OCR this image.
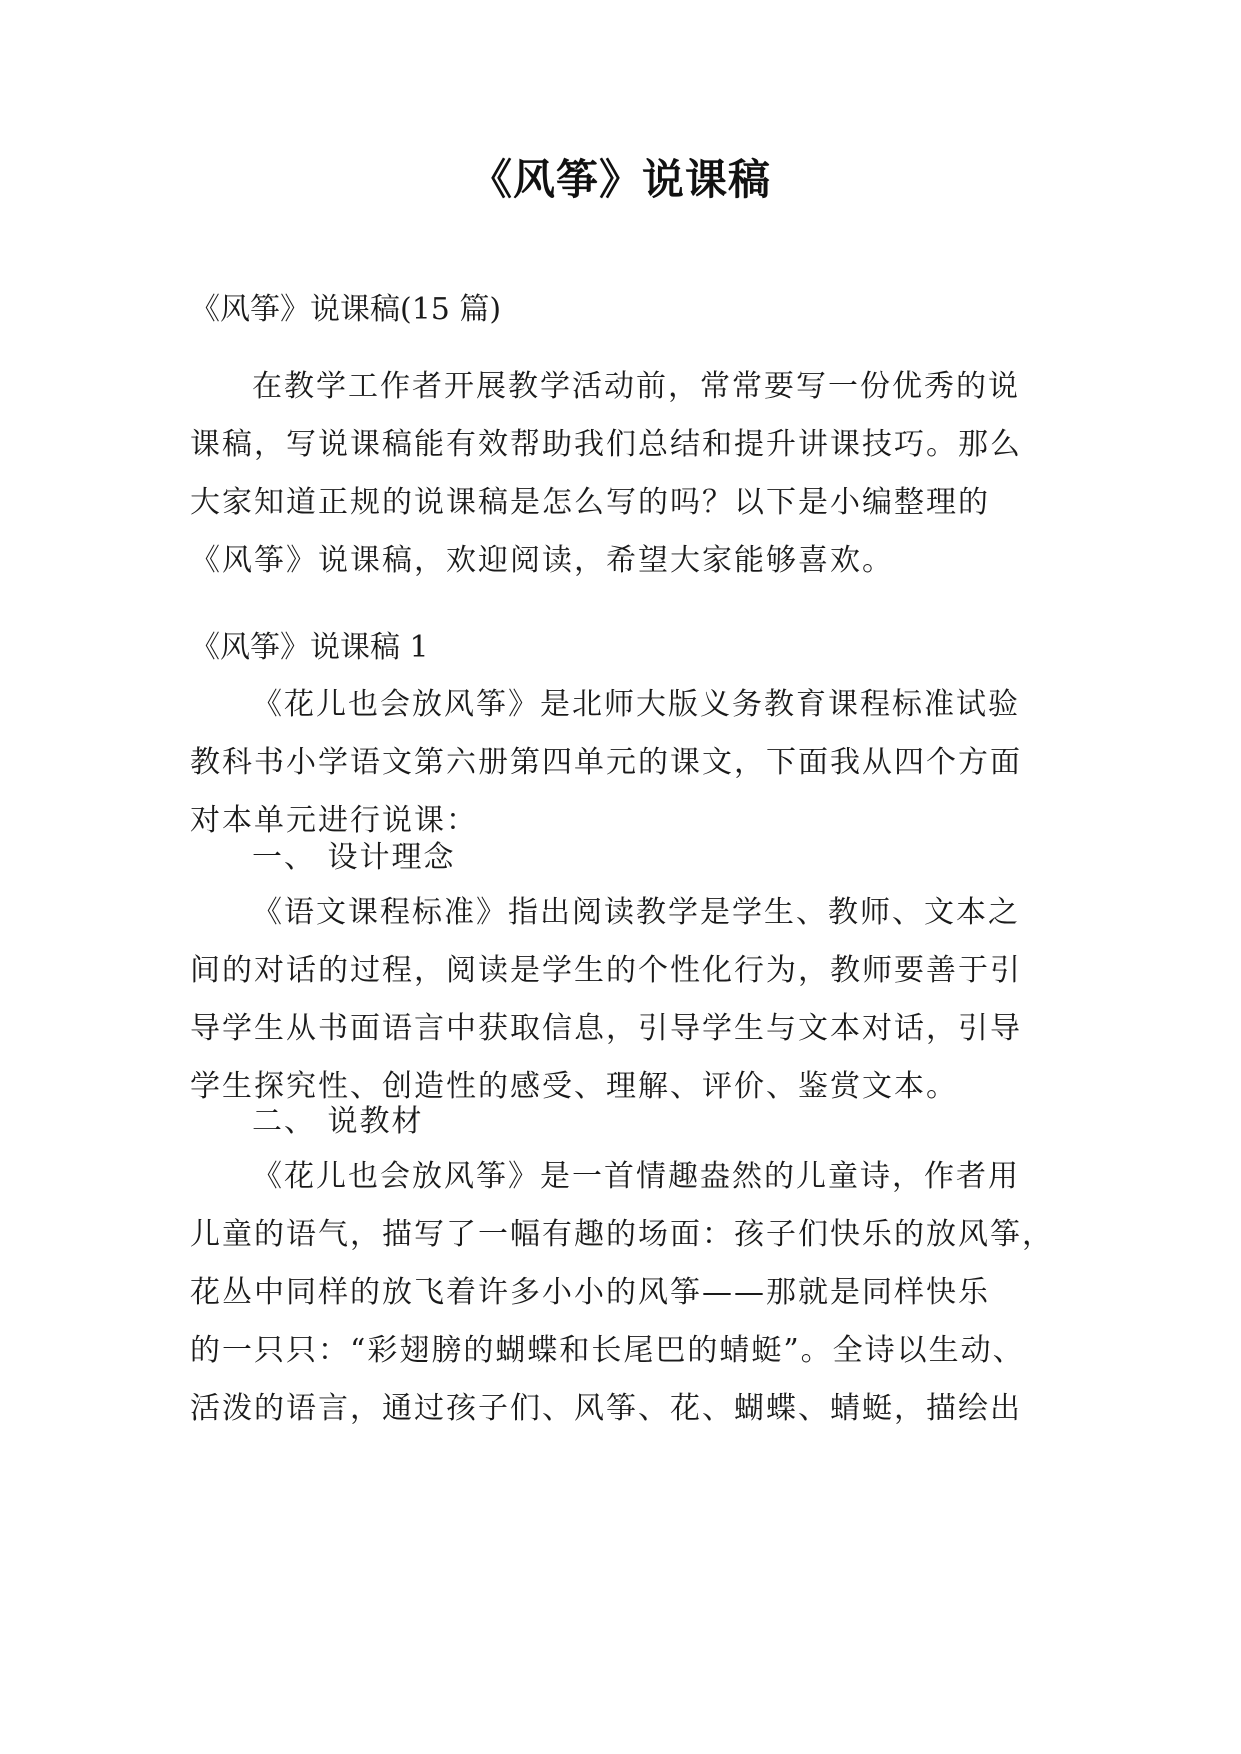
《风筝》说课稿
《风筝》说课稿(15 篇)
在教学工作者开展教学活动前，常常要写一份优秀的说
课稿，写说课稿能有效帮助我们总结和提升讲课技巧。那么
大家知道正规的说课稿是怎么写的吗？以下是小编整理的
《风筝》说课稿，欢迎阅读，希望大家能够喜欢。
《风筝》说课稿 1
《花儿也会放风筝》是北师大版义务教育课程标准试验
教科书小学语文第六册第四单元的课文，下面我从四个方面
对本单元进行说课：
一、 设计理念
《语文课程标准》指出阅读教学是学生、教师、文本之
间的对话的过程，阅读是学生的个性化行为，教师要善于引
导学生从书面语言中获取信息，引导学生与文本对话，引导
学生探究性、创造性的感受、理解、评价、鉴赏文本。
二、 说教材
《花儿也会放风筝》是一首情趣盎然的儿童诗，作者用
儿童的语气，描写了一幅有趣的场面：孩子们快乐的放风筝，
花丛中同样的放飞着许多小小的风筝——那就是同样快乐
的一只只：“彩翅膀的蝴蝶和长尾巴的蜻蜓”。全诗以生动、
活泼的语言，通过孩子们、风筝、花、蝴蝶、蜻蜓，描绘出
